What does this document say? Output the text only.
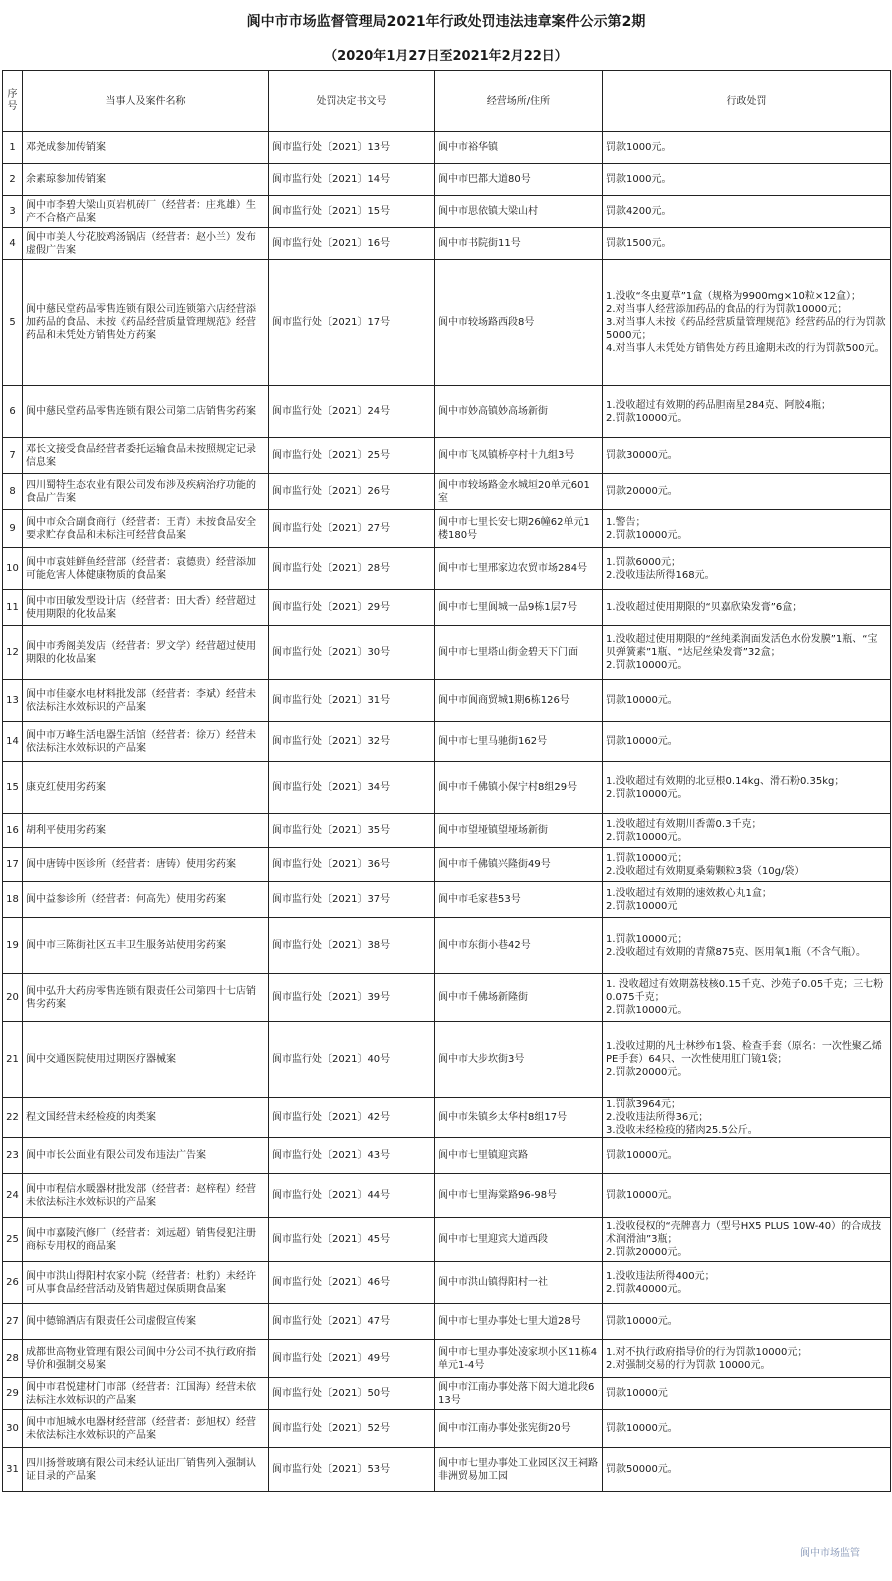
阆中市市场监督管理局2021年行政处罚违法违章案件公示第2期
（2020年1月27日至2021年2月22日）
序
号	当事人及案件名称	处罚决定书文号	经营场所/住所	行政处罚
1	邓尧成参加传销案	阆市监行处〔2021〕13号	阆中市裕华镇	罚款1000元。
2	余素琼参加传销案	阆市监行处〔2021〕14号	阆中市巴都大道80号	罚款1000元。
3	阆中市李碧大梁山页岩机砖厂（经营者：庄兆雄）生产不合格产品案	阆市监行处〔2021〕15号	阆中市思依镇大梁山村	罚款4200元。
4	阆中市美人兮花胶鸡汤锅店（经营者：赵小兰）发布虚假广告案	阆市监行处〔2021〕16号	阆中市书院街11号	罚款1500元。
5	阆中慈民堂药品零售连锁有限公司连锁第六店经营添加药品的食品、未按《药品经营质量管理规范》经营药品和未凭处方销售处方药案	阆市监行处〔2021〕17号	阆中市较场路西段8号	1.没收“冬虫夏草”1盒（规格为9900mg×10粒×12盒）；
2.对当事人经营添加药品的食品的行为罚款10000元；
3.对当事人未按《药品经营质量管理规范》经营药品的行为罚款5000元；
4.对当事人未凭处方销售处方药且逾期未改的行为罚款500元。
6	阆中慈民堂药品零售连锁有限公司第二店销售劣药案	阆市监行处〔2021〕24号	阆中市妙高镇妙高场新街	1.没收超过有效期的药品胆南星284克、阿胶4瓶；
2.罚款10000元。
7	邓长文接受食品经营者委托运输食品未按照规定记录信息案	阆市监行处〔2021〕25号	阆中市飞凤镇桥亭村十九组3号	罚款30000元。
8	四川蜀特生态农业有限公司发布涉及疾病治疗功能的食品广告案	阆市监行处〔2021〕26号	阆中市较场路金水城垣20单元601室	罚款20000元。
9	阆中市众合副食商行（经营者：王青）未按食品安全要求贮存食品和未标注可经营食品案	阆市监行处〔2021〕27号	阆中市七里长安七期26幢62单元1楼180号	1.警告；
2.罚款10000元。
10	阆中市袁娃鲜鱼经营部（经营者：袁德贵）经营添加可能危害人体健康物质的食品案	阆市监行处〔2021〕28号	阆中市七里邢家边农贸市场284号	1.罚款6000元；
2.没收违法所得168元。
11	阆中市田敏发型设计店（经营者：田大香）经营超过使用期限的化妆品案	阆市监行处〔2021〕29号	阆中市七里阆城一品9栋1层7号	1.没收超过使用期限的“贝嘉欣染发膏”6盒；
12	阆中市秀阁美发店（经营者：罗文学）经营超过使用期限的化妆品案	阆市监行处〔2021〕30号	阆中市七里塔山街金碧天下门面	1.没收超过使用期限的“丝纯柔润面发活色水份发膜”1瓶、“宝贝弹簧素”1瓶、“达尼丝染发膏”32盒；
2.罚款10000元。
13	阆中市佳豪水电材料批发部（经营者：李斌）经营未依法标注水效标识的产品案	阆市监行处〔2021〕31号	阆中市阆商贸城1期6栋126号	罚款10000元。
14	阆中市万峰生活电器生活馆（经营者：徐万）经营未依法标注水效标识的产品案	阆市监行处〔2021〕32号	阆中市七里马驰街162号	罚款10000元。
15	康克红使用劣药案	阆市监行处〔2021〕34号	阆中市千佛镇小保宁村8组29号	1.没收超过有效期的北豆根0.14kg、滑石粉0.35kg；
2.罚款10000元。
16	胡利平使用劣药案	阆市监行处〔2021〕35号	阆中市望垭镇望垭场新街	1.没收超过有效期川香薷0.3千克；
2.罚款10000元。
17	阆中唐铸中医诊所（经营者：唐铸）使用劣药案	阆市监行处〔2021〕36号	阆中市千佛镇兴隆街49号	1.罚款10000元；
2.没收超过有效期夏桑菊颗粒3袋（10g/袋）
18	阆中益参诊所（经营者：何高先）使用劣药案	阆市监行处〔2021〕37号	阆中市毛家巷53号	1.没收超过有效期的速效救心丸1盒；
2.罚款10000元
19	阆中市三陈街社区五丰卫生服务站使用劣药案	阆市监行处〔2021〕38号	阆中市东街小巷42号	1.罚款10000元；
2.没收超过有效期的青黛875克、医用氧1瓶（不含气瓶）。
20	阆中弘升大药房零售连锁有限责任公司第四十七店销售劣药案	阆市监行处〔2021〕39号	阆中市千佛场新隆街	1. 没收超过有效期荔枝核0.15千克、沙苑子0.05千克；三七粉0.075千克；
2.罚款10000元。
21	阆中交通医院使用过期医疗器械案	阆市监行处〔2021〕40号	阆中市大步坎街3号	1.没收过期的凡士林纱布1袋、检查手套（原名：一次性聚乙烯PE手套）64只、一次性使用肛门镜1袋；
2.罚款20000元。
22	程文国经营未经检疫的肉类案	阆市监行处〔2021〕42号	阆中市朱镇乡太华村8组17号	1.罚款3964元；
2.没收违法所得36元；
3.没收未经检疫的猪肉25.5公斤。
23	阆中市长公面业有限公司发布违法广告案	阆市监行处〔2021〕43号	阆中市七里镇迎宾路	罚款10000元。
24	阆中市程信水暖器材批发部（经营者：赵梓程）经营未依法标注水效标识的产品案	阆市监行处〔2021〕44号	阆中市七里海棠路96-98号	罚款10000元。
25	阆中市嘉陵汽修厂（经营者：刘远超）销售侵犯注册商标专用权的商品案	阆市监行处〔2021〕45号	阆中市七里迎宾大道西段	1.没收侵权的“壳牌喜力（型号HX5 PLUS 10W-40）的合成技术润滑油”3瓶；
2.罚款20000元。
26	阆中市洪山得阳村农家小院（经营者：杜豹）未经许可从事食品经营活动及销售超过保质期食品案	阆市监行处〔2021〕46号	阆中市洪山镇得阳村一社	1.没收违法所得400元；
2.罚款40000元。
27	阆中德锦酒店有限责任公司虚假宣传案	阆市监行处〔2021〕47号	阆中市七里办事处七里大道28号	罚款10000元。
28	成都世高物业管理有限公司阆中分公司不执行政府指导价和强制交易案	阆市监行处〔2021〕49号	阆中市七里办事处凌家坝小区11栋4单元1-4号	1.对不执行政府指导价的行为罚款10000元；
2.对强制交易的行为罚款 10000元。
29	阆中市君悦建材门市部（经营者：江国海）经营未依法标注水效标识的产品案	阆市监行处〔2021〕50号	阆中市江南办事处落下闳大道北段613号	罚款10000元
30	阆中市旭城水电器材经营部（经营者：彭旭权）经营未依法标注水效标识的产品案	阆市监行处〔2021〕52号	阆中市江南办事处张宪街20号	罚款10000元。
31	四川扬誉玻璃有限公司未经认证出厂销售列入强制认证目录的产品案	阆市监行处〔2021〕53号	阆中市七里办事处工业园区汉王祠路非洲贸易加工园	罚款50000元。
阆中市场监管
